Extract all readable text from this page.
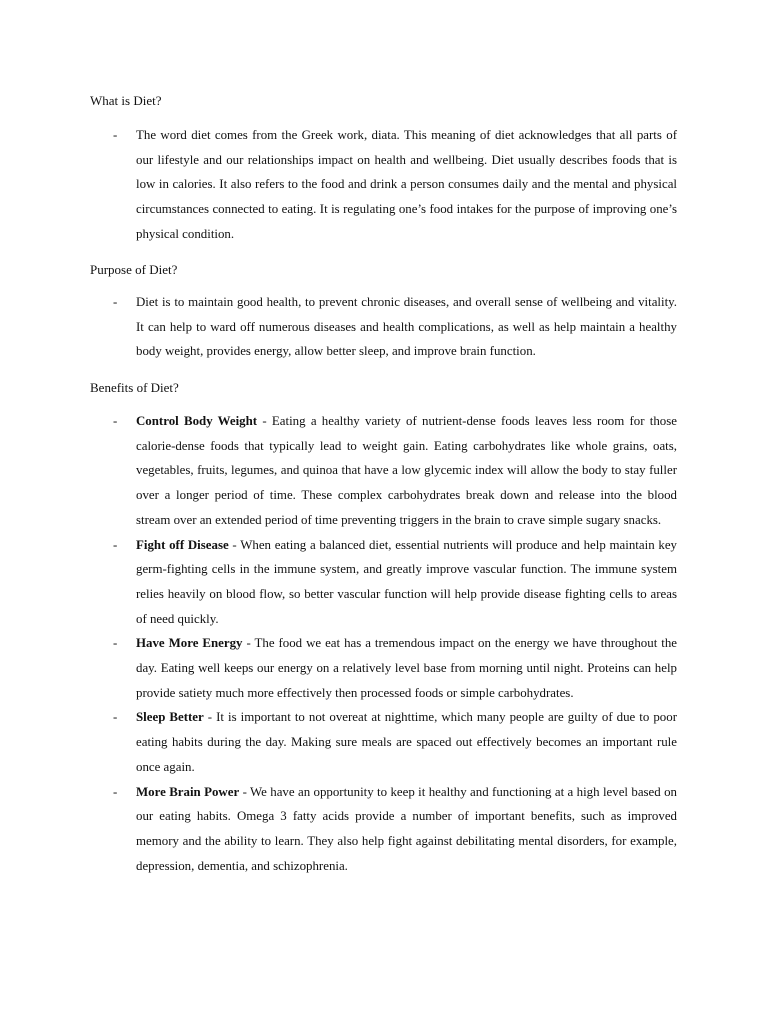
What is Diet?
- The word diet comes from the Greek work, diata. This meaning of diet acknowledges that all parts of our lifestyle and our relationships impact on health and wellbeing. Diet usually describes foods that is low in calories. It also refers to the food and drink a person consumes daily and the mental and physical circumstances connected to eating. It is regulating one’s food intakes for the purpose of improving one’s physical condition.
Purpose of Diet?
- Diet is to maintain good health, to prevent chronic diseases, and overall sense of wellbeing and vitality. It can help to ward off numerous diseases and health complications, as well as help maintain a healthy body weight, provides energy, allow better sleep, and improve brain function.
Benefits of Diet?
- Control Body Weight - Eating a healthy variety of nutrient-dense foods leaves less room for those calorie-dense foods that typically lead to weight gain. Eating carbohydrates like whole grains, oats, vegetables, fruits, legumes, and quinoa that have a low glycemic index will allow the body to stay fuller over a longer period of time. These complex carbohydrates break down and release into the blood stream over an extended period of time preventing triggers in the brain to crave simple sugary snacks.
- Fight off Disease - When eating a balanced diet, essential nutrients will produce and help maintain key germ-fighting cells in the immune system, and greatly improve vascular function. The immune system relies heavily on blood flow, so better vascular function will help provide disease fighting cells to areas of need quickly.
- Have More Energy - The food we eat has a tremendous impact on the energy we have throughout the day. Eating well keeps our energy on a relatively level base from morning until night. Proteins can help provide satiety much more effectively then processed foods or simple carbohydrates.
- Sleep Better - It is important to not overeat at nighttime, which many people are guilty of due to poor eating habits during the day. Making sure meals are spaced out effectively becomes an important rule once again.
- More Brain Power - We have an opportunity to keep it healthy and functioning at a high level based on our eating habits. Omega 3 fatty acids provide a number of important benefits, such as improved memory and the ability to learn. They also help fight against debilitating mental disorders, for example, depression, dementia, and schizophrenia.
